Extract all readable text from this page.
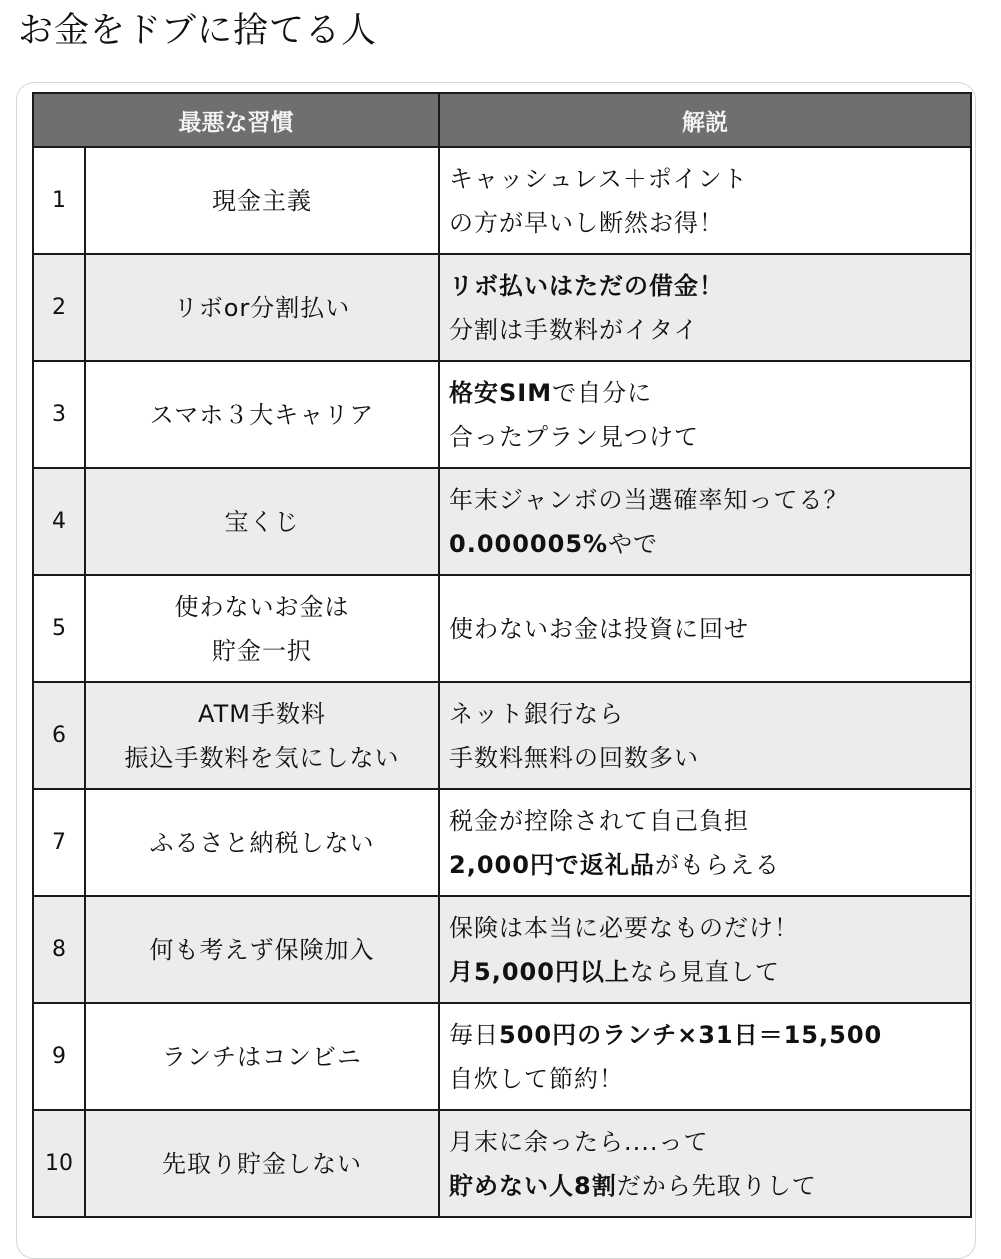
お金をドブに捨てる人
最悪な習慣		解説
1	現金主義	キャッシュレス＋ポイント
の方が早いし断然お得！

2	リボor分割払い	リボ払いはただの借金！
分割は手数料がイタイ

3	スマホ３大キャリア	格安SIMで自分に
合ったプラン見つけて

4	宝くじ	年末ジャンボの当選確率知ってる？
0.000005%やで

5	使わないお金は
貯金一択	使わないお金は投資に回せ

6	ATM手数料
振込手数料を気にしない	ネット銀行なら
手数料無料の回数多い

7	ふるさと納税しない	税金が控除されて自己負担
2,000円で返礼品がもらえる

8	何も考えず保険加入	保険は本当に必要なものだけ！
月5,000円以上なら見直して

9	ランチはコンビニ	毎日500円のランチ×31日＝15,500
自炊して節約！

10	先取り貯金しない	月末に余ったら....って
貯めない人8割だから先取りして
